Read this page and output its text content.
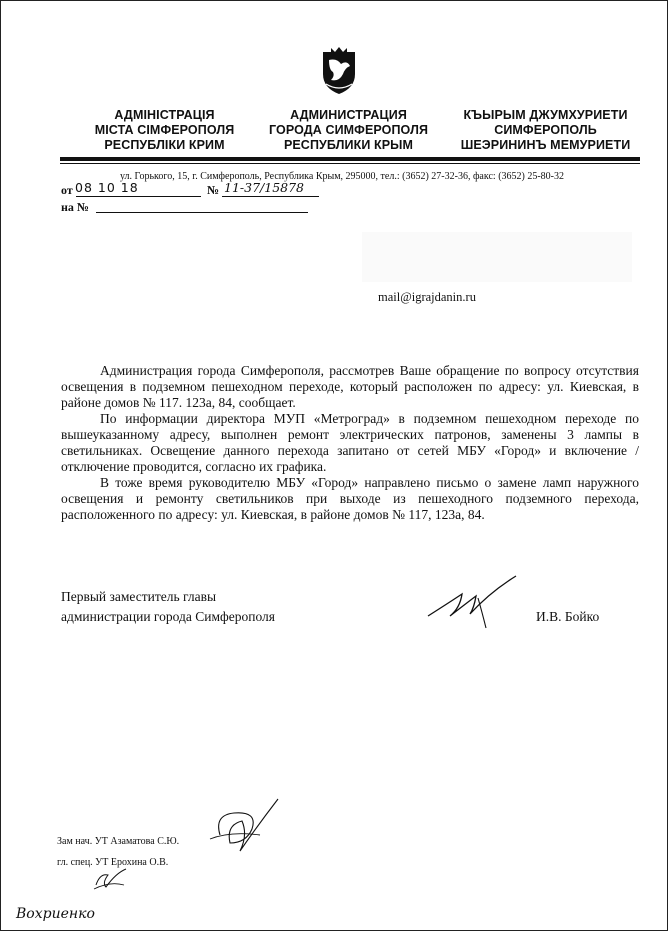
АДМІНІСТРАЦІЯ
МІСТА СІМФЕРОПОЛЯ
РЕСПУБЛІКИ КРИМ
АДМИНИСТРАЦИЯ
ГОРОДА СИМФЕРОПОЛЯ
РЕСПУБЛИКИ КРЫМ
КЪЫРЫМ ДЖУМХУРИЕТИ
СИМФЕРОПОЛЬ
ШЕЭРИНИНЪ МЕМУРИЕТИ
ул. Горького, 15, г. Симферополь, Республика Крым, 295000, тел.: (3652) 27-32-36, факс: (3652) 25-80-32
от 08 10 18	№ 11-37/15878
на №
mail@igrajdanin.ru

Администрация города Симферополя, рассмотрев Ваше обращение по вопросу отсутствия освещения в подземном пешеходном переходе, который расположен по адресу: ул. Киевская, в районе домов № 117. 123а, 84, сообщает.

По информации директора МУП «Метроград» в подземном пешеходном переходе по вышеуказанному адресу, выполнен ремонт электрических патронов, заменены 3 лампы в светильниках. Освещение данного перехода запитано от сетей МБУ «Город» и включение /отключение проводится, согласно их графика.

В тоже время руководителю МБУ «Город» направлено письмо о замене ламп наружного освещения и ремонту светильников при выходе из пешеходного подземного перехода, расположенного по адресу: ул. Киевская, в районе домов № 117, 123а, 84.

Первый заместитель главы
администрации города Симферополя	И.В. Бойко
Зам нач. УТ Азаматова С.Ю.
гл. спец. УТ Ерохина О.В.
Вохриенко
